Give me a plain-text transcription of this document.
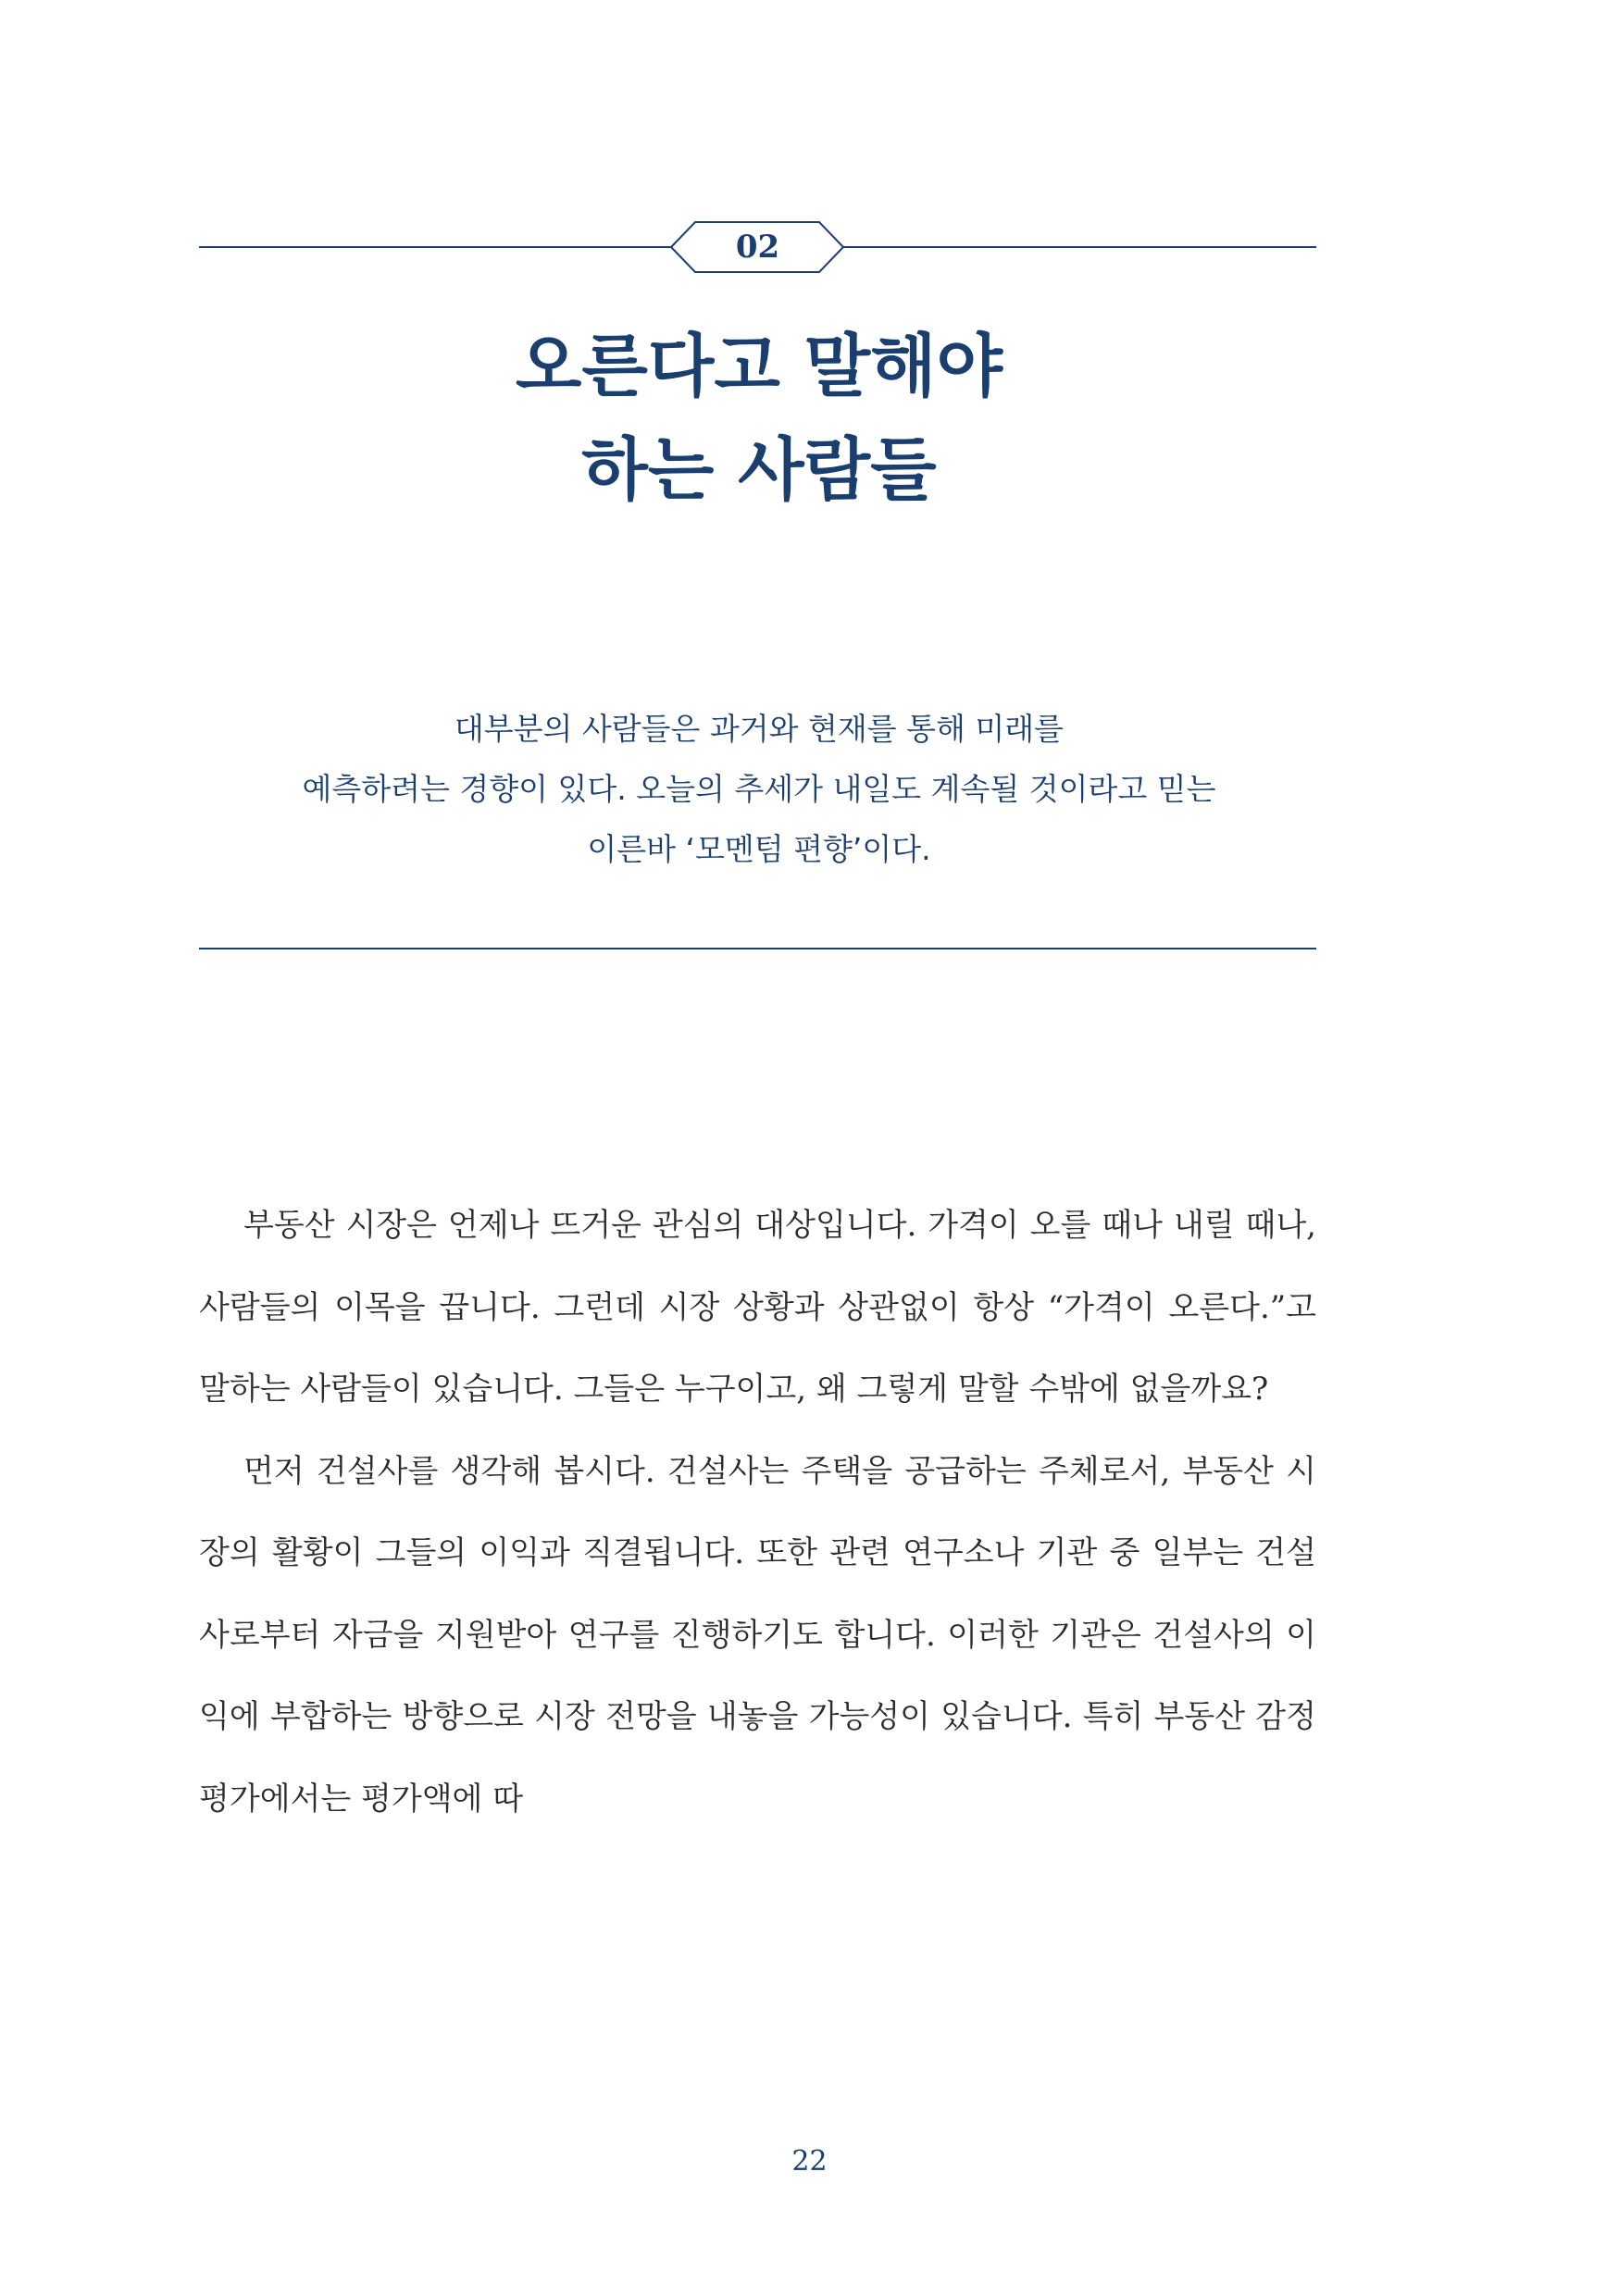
02
오른다고 말해야
하는 사람들
대부분의 사람들은 과거와 현재를 통해 미래를
예측하려는 경향이 있다. 오늘의 추세가 내일도 계속될 것이라고 믿는
이른바 ‘모멘텀 편향’이다.

부동산 시장은 언제나 뜨거운 관심의 대상입니다. 가격이 오를 때나 내릴 때나, 사람들의 이목을 끕니다. 그런데 시장 상황과 상관없이 항상 “가격이 오른다.”고 말하는 사람들이 있습니다. 그들은 누구이고, 왜 그렇게 말할 수밖에 없을까요?

먼저 건설사를 생각해 봅시다. 건설사는 주택을 공급하는 주체로서, 부동산 시장의 활황이 그들의 이익과 직결됩니다. 또한 관련 연구소나 기관 중 일부는 건설사로부터 자금을 지원받아 연구를 진행하기도 합니다. 이러한 기관은 건설사의 이익에 부합하는 방향으로 시장 전망을 내놓을 가능성이 있습니다. 특히 부동산 감정평가에서는 평가액에 따

22
